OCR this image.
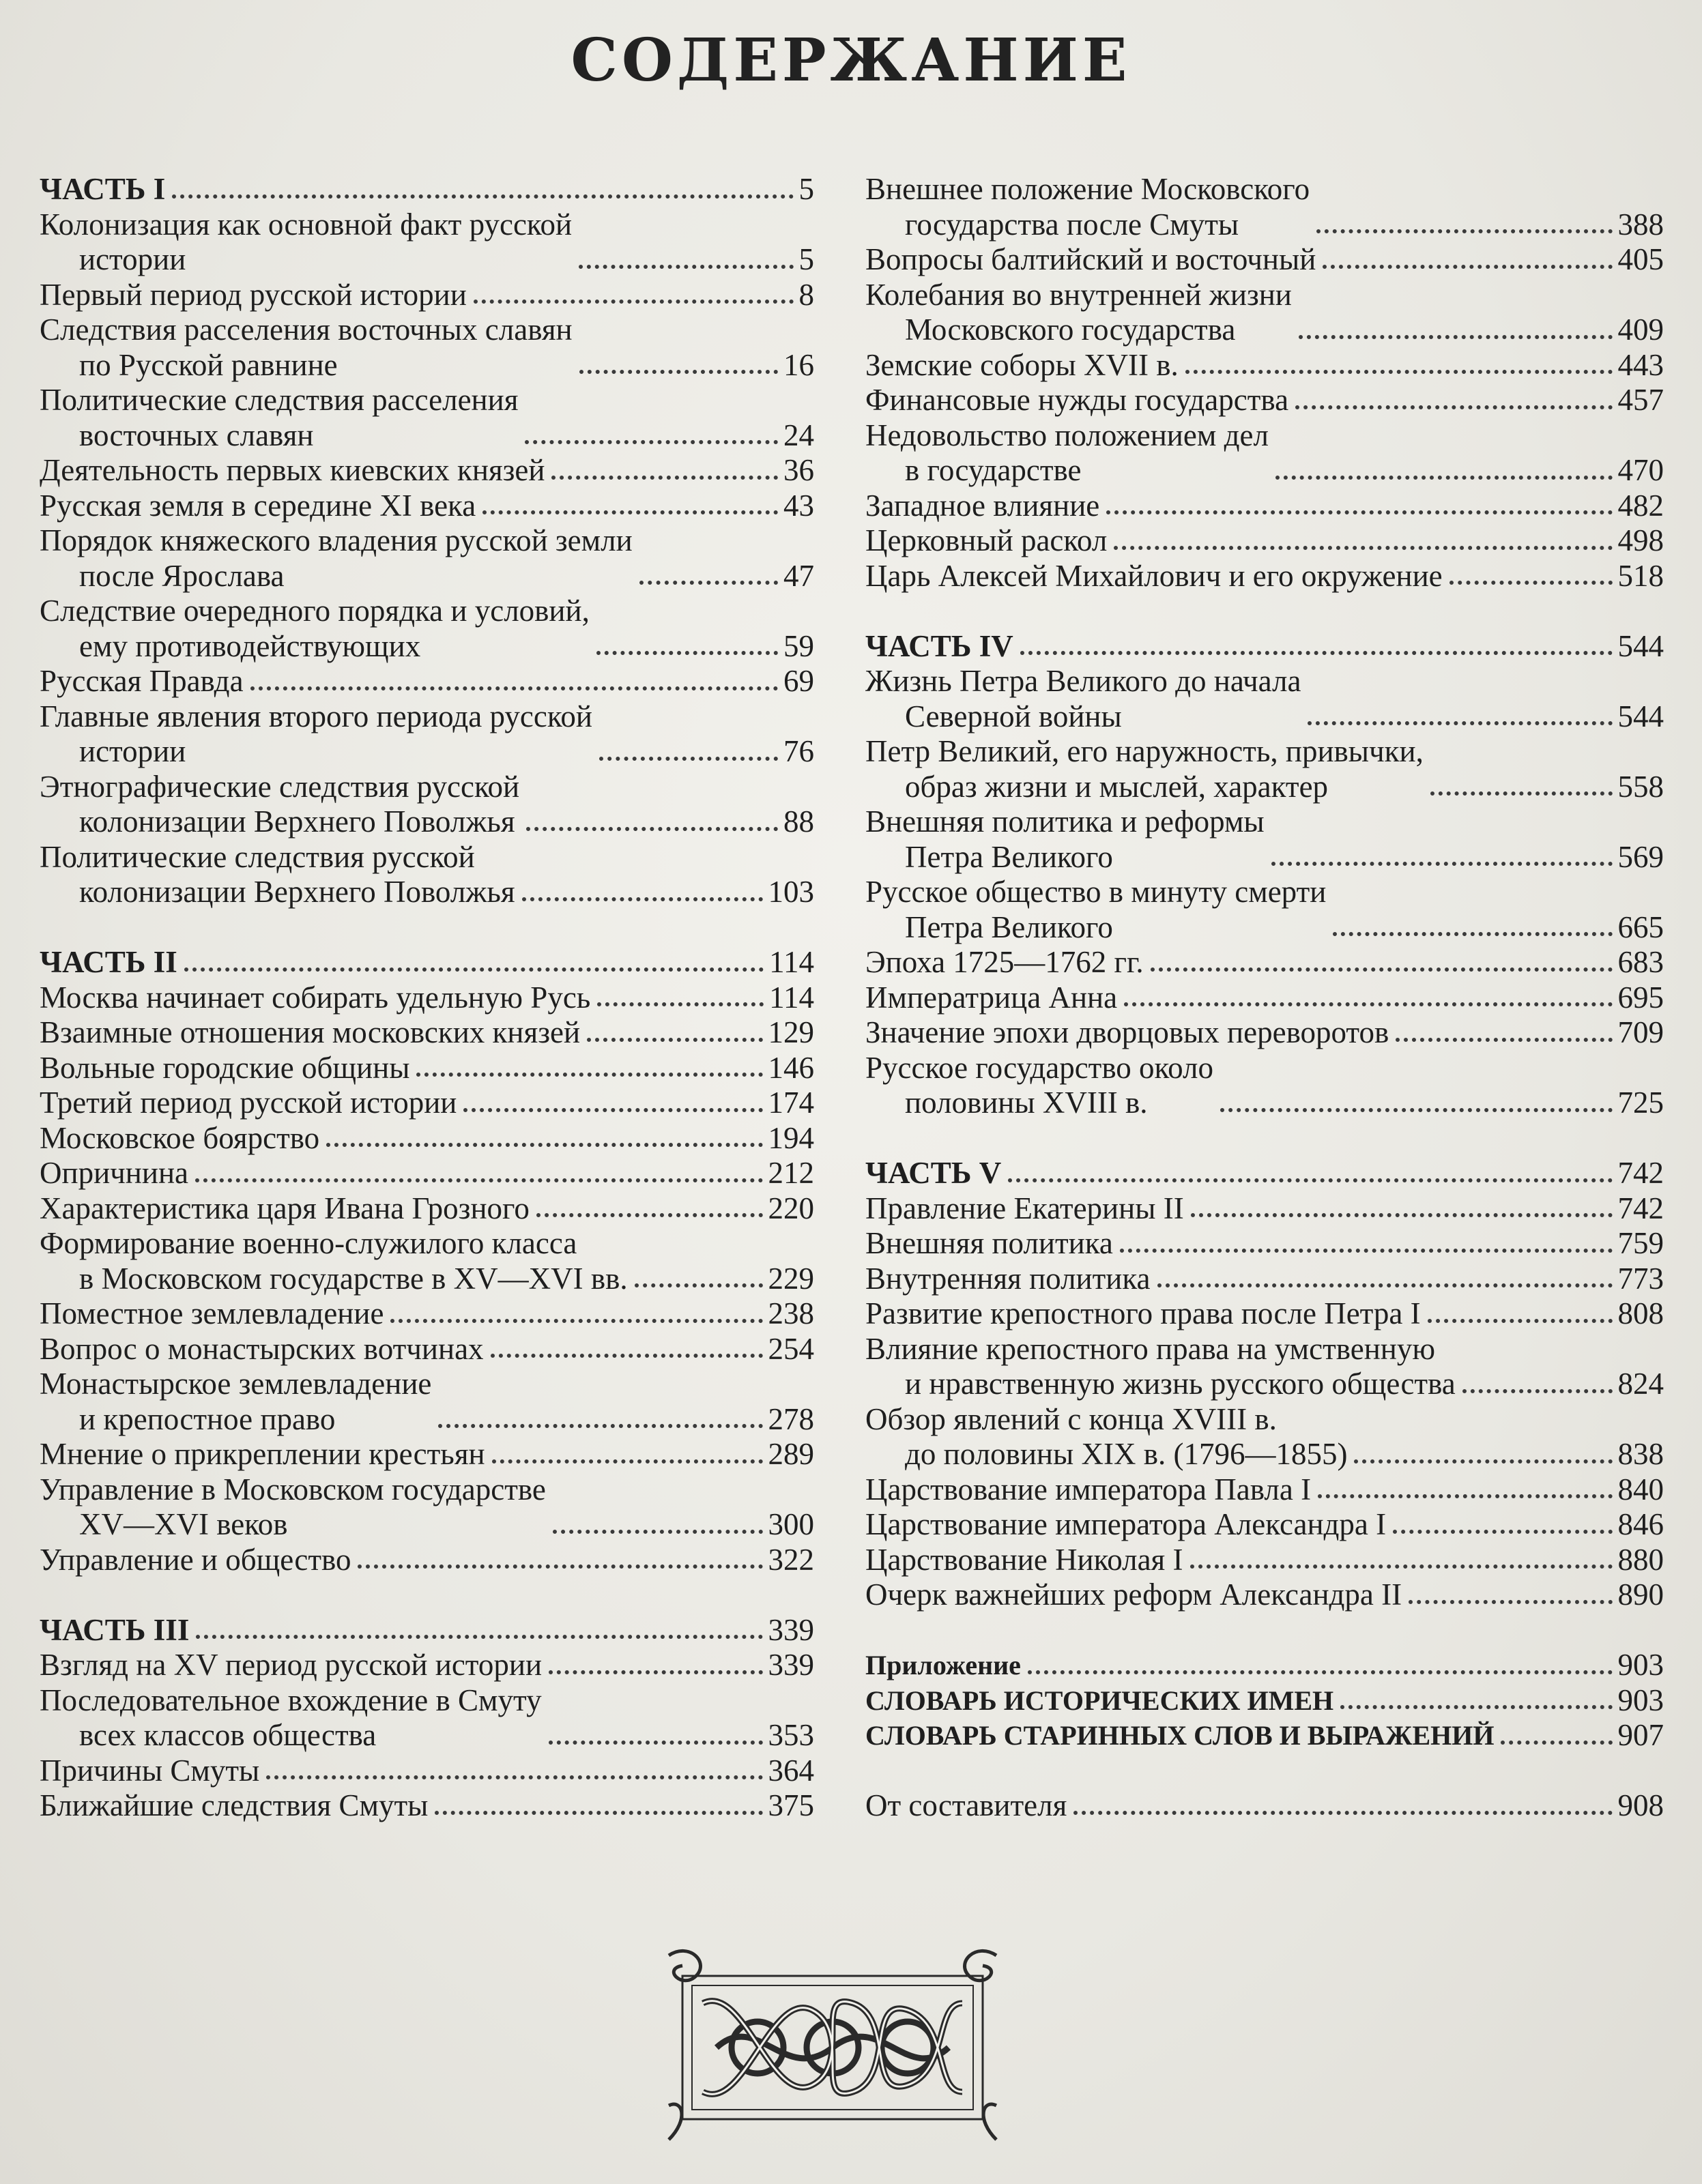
СОДЕРЖАНИЕ
ЧАСТЬ I	5
Колонизация как основной факт русской
истории	5
Первый период русской истории	8
Следствия расселения восточных славян
по Русской равнине	16
Политические следствия расселения
восточных славян	24
Деятельность первых киевских князей	36
Русская земля в середине XI века	43
Порядок княжеского владения русской земли
после Ярослава	47
Следствие очередного порядка и условий,
ему противодействующих	59
Русская Правда	69
Главные явления второго периода русской
истории	76
Этнографические следствия русской
колонизации Верхнего Поволжья	88
Политические следствия русской
колонизации Верхнего Поволжья	103
ЧАСТЬ II	114
Москва начинает собирать удельную Русь	114
Взаимные отношения московских князей	129
Вольные городские общины	146
Третий период русской истории	174
Московское боярство	194
Опричнина	212
Характеристика царя Ивана Грозного	220
Формирование военно-служилого класса
в Московском государстве в XV—XVI вв.	229
Поместное землевладение	238
Вопрос о монастырских вотчинах	254
Монастырское землевладение
и крепостное право	278
Мнение о прикреплении крестьян	289
Управление в Московском государстве
XV—XVI веков	300
Управление и общество	322
ЧАСТЬ III	339
Взгляд на XV период русской истории	339
Последовательное вхождение в Смуту
всех классов общества	353
Причины Смуты	364
Ближайшие следствия Смуты	375
Внешнее положение Московского
государства после Смуты	388
Вопросы балтийский и восточный	405
Колебания во внутренней жизни
Московского государства	409
Земские соборы XVII в.	443
Финансовые нужды государства	457
Недовольство положением дел
в государстве	470
Западное влияние	482
Церковный раскол	498
Царь Алексей Михайлович и его окружение	518
ЧАСТЬ IV	544
Жизнь Петра Великого до начала
Северной войны	544
Петр Великий, его наружность, привычки,
образ жизни и мыслей, характер	558
Внешняя политика и реформы
Петра Великого	569
Русское общество в минуту смерти
Петра Великого	665
Эпоха 1725—1762 гг.	683
Императрица Анна	695
Значение эпохи дворцовых переворотов	709
Русское государство около
половины XVIII в.	725
ЧАСТЬ V	742
Правление Екатерины II	742
Внешняя политика	759
Внутренняя политика	773
Развитие крепостного права после Петра I	808
Влияние крепостного права на умственную
и нравственную жизнь русского общества	824
Обзор явлений с конца XVIII в.
до половины XIX в. (1796—1855)	838
Царствование императора Павла I	840
Царствование императора Александра I	846
Царствование Николая I	880
Очерк важнейших реформ Александра II	890
Приложение	903
СЛОВАРЬ ИСТОРИЧЕСКИХ ИМЕН	903
СЛОВАРЬ СТАРИННЫХ СЛОВ И ВЫРАЖЕНИЙ	907
От составителя	908
